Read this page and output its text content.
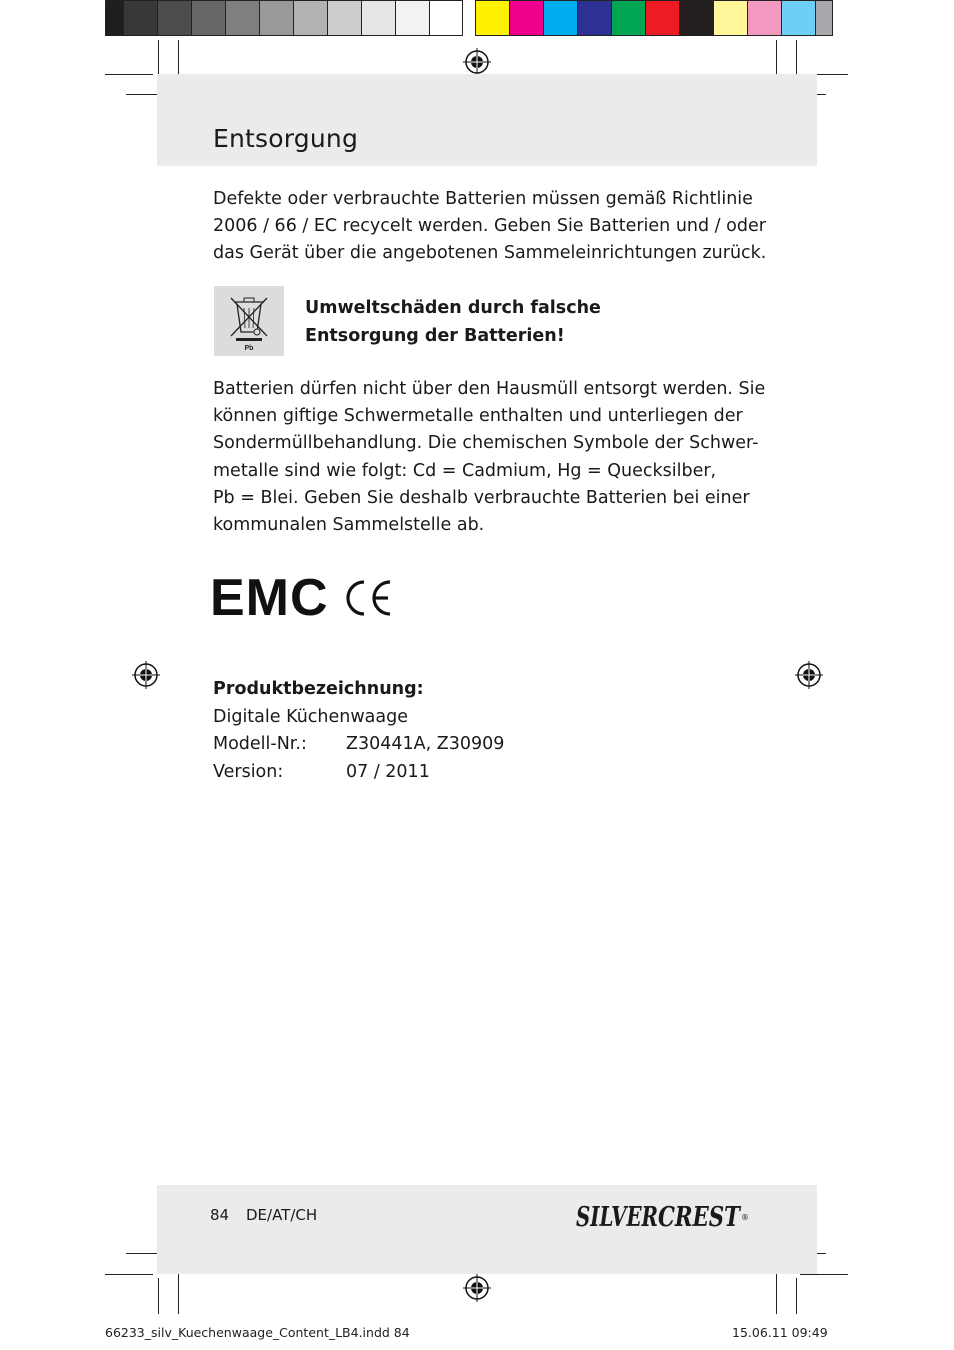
Entsorgung

Defekte oder verbrauchte Batterien müssen gemäß Richtlinie
2006 / 66 / EC recycelt werden. Geben Sie Batterien und / oder
das Gerät über die angebotenen Sammeleinrichtungen zurück.

Pb

Umweltschäden durch falsche
Entsorgung der Batterien!

Batterien dürfen nicht über den Hausmüll entsorgt werden. Sie
können giftige Schwermetalle enthalten und unterliegen der
Sondermüllbehandlung. Die chemischen Symbole der Schwer-
metalle sind wie folgt: Cd = Cadmium, Hg = Quecksilber,
Pb = Blei. Geben Sie deshalb verbrauchte Batterien bei einer
kommunalen Sammelstelle ab.

EMC
Produktbezeichnung:
Digitale Küchenwaage
Modell-Nr.:	Z30441A, Z30909
Version:	07 / 2011
84 DE/AT/CH	SILVER CREST ®
66233_silv_Kuechenwaage_Content_LB4.indd 84	15.06.11 09:49
